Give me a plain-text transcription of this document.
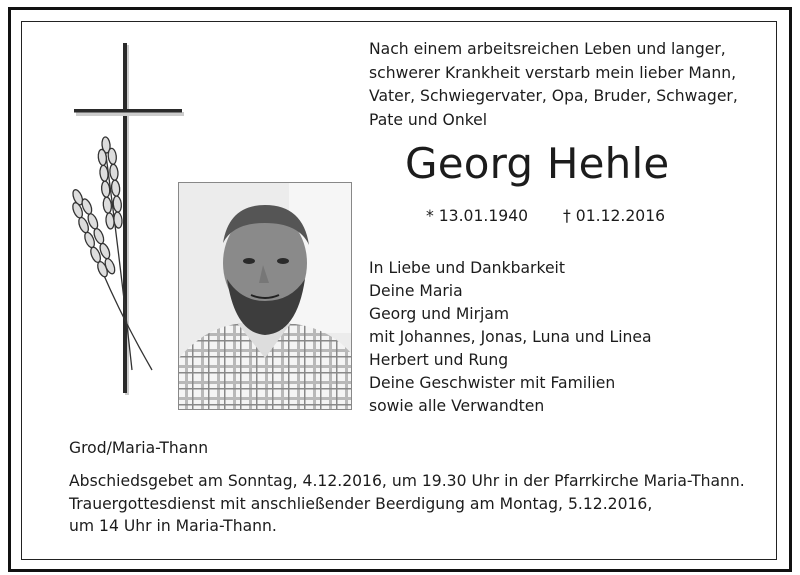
Nach einem arbeitsreichen Leben und langer,
schwerer Krankheit verstarb mein lieber Mann,
Vater, Schwiegervater, Opa, Bruder, Schwager,
Pate und Onkel

Georg Hehle
* 13.01.1940 † 01.12.2016
In Liebe und Dankbarkeit
Deine Maria
Georg und Mirjam
mit Johannes, Jonas, Luna und Linea
Herbert und Rung
Deine Geschwister mit Familien
sowie alle Verwandten
Grod/Maria-Thann

Abschiedsgebet am Sonntag, 4.12.2016, um 19.30 Uhr in der Pfarrkirche Maria-Thann.
Trauergottesdienst mit anschließender Beerdigung am Montag, 5.12.2016,
um 14 Uhr in Maria-Thann.
